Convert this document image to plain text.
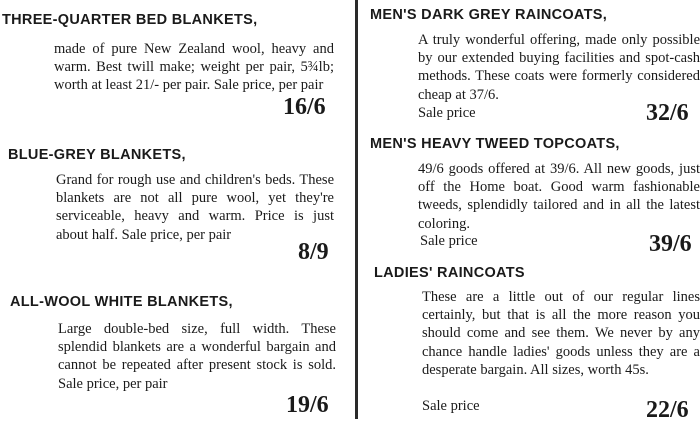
THREE-QUARTER BED BLANKETS,

made of pure New Zealand wool, heavy and warm. Best twill make; weight per pair, 5¾lb; worth at least 21/- per pair. Sale price, per pair

16/6
BLUE-GREY BLANKETS,

Grand for rough use and children's beds. These blankets are not all pure wool, yet they're serviceable, heavy and warm. Price is just about half. Sale price, per pair

8/9
ALL-WOOL WHITE BLANKETS,

Large double-bed size, full width. These splendid blankets are a wonderful bargain and cannot be repeated after present stock is sold. Sale price, per pair

19/6
MEN'S DARK GREY RAINCOATS,

A truly wonderful offering, made only possible by our extended buying facilities and spot-cash methods. These coats were formerly considered cheap at 37/6.

Sale price	32/6
MEN'S HEAVY TWEED TOPCOATS,

49/6 goods offered at 39/6. All new goods, just off the Home boat. Good warm fashionable tweeds, splendidly tailored and in all the latest coloring.

Sale price	39/6
LADIES' RAINCOATS

These are a little out of our regular lines certainly, but that is all the more reason you should come and see them. We never by any chance handle ladies' goods unless they are a desperate bargain. All sizes, worth 45s.

Sale price	22/6
